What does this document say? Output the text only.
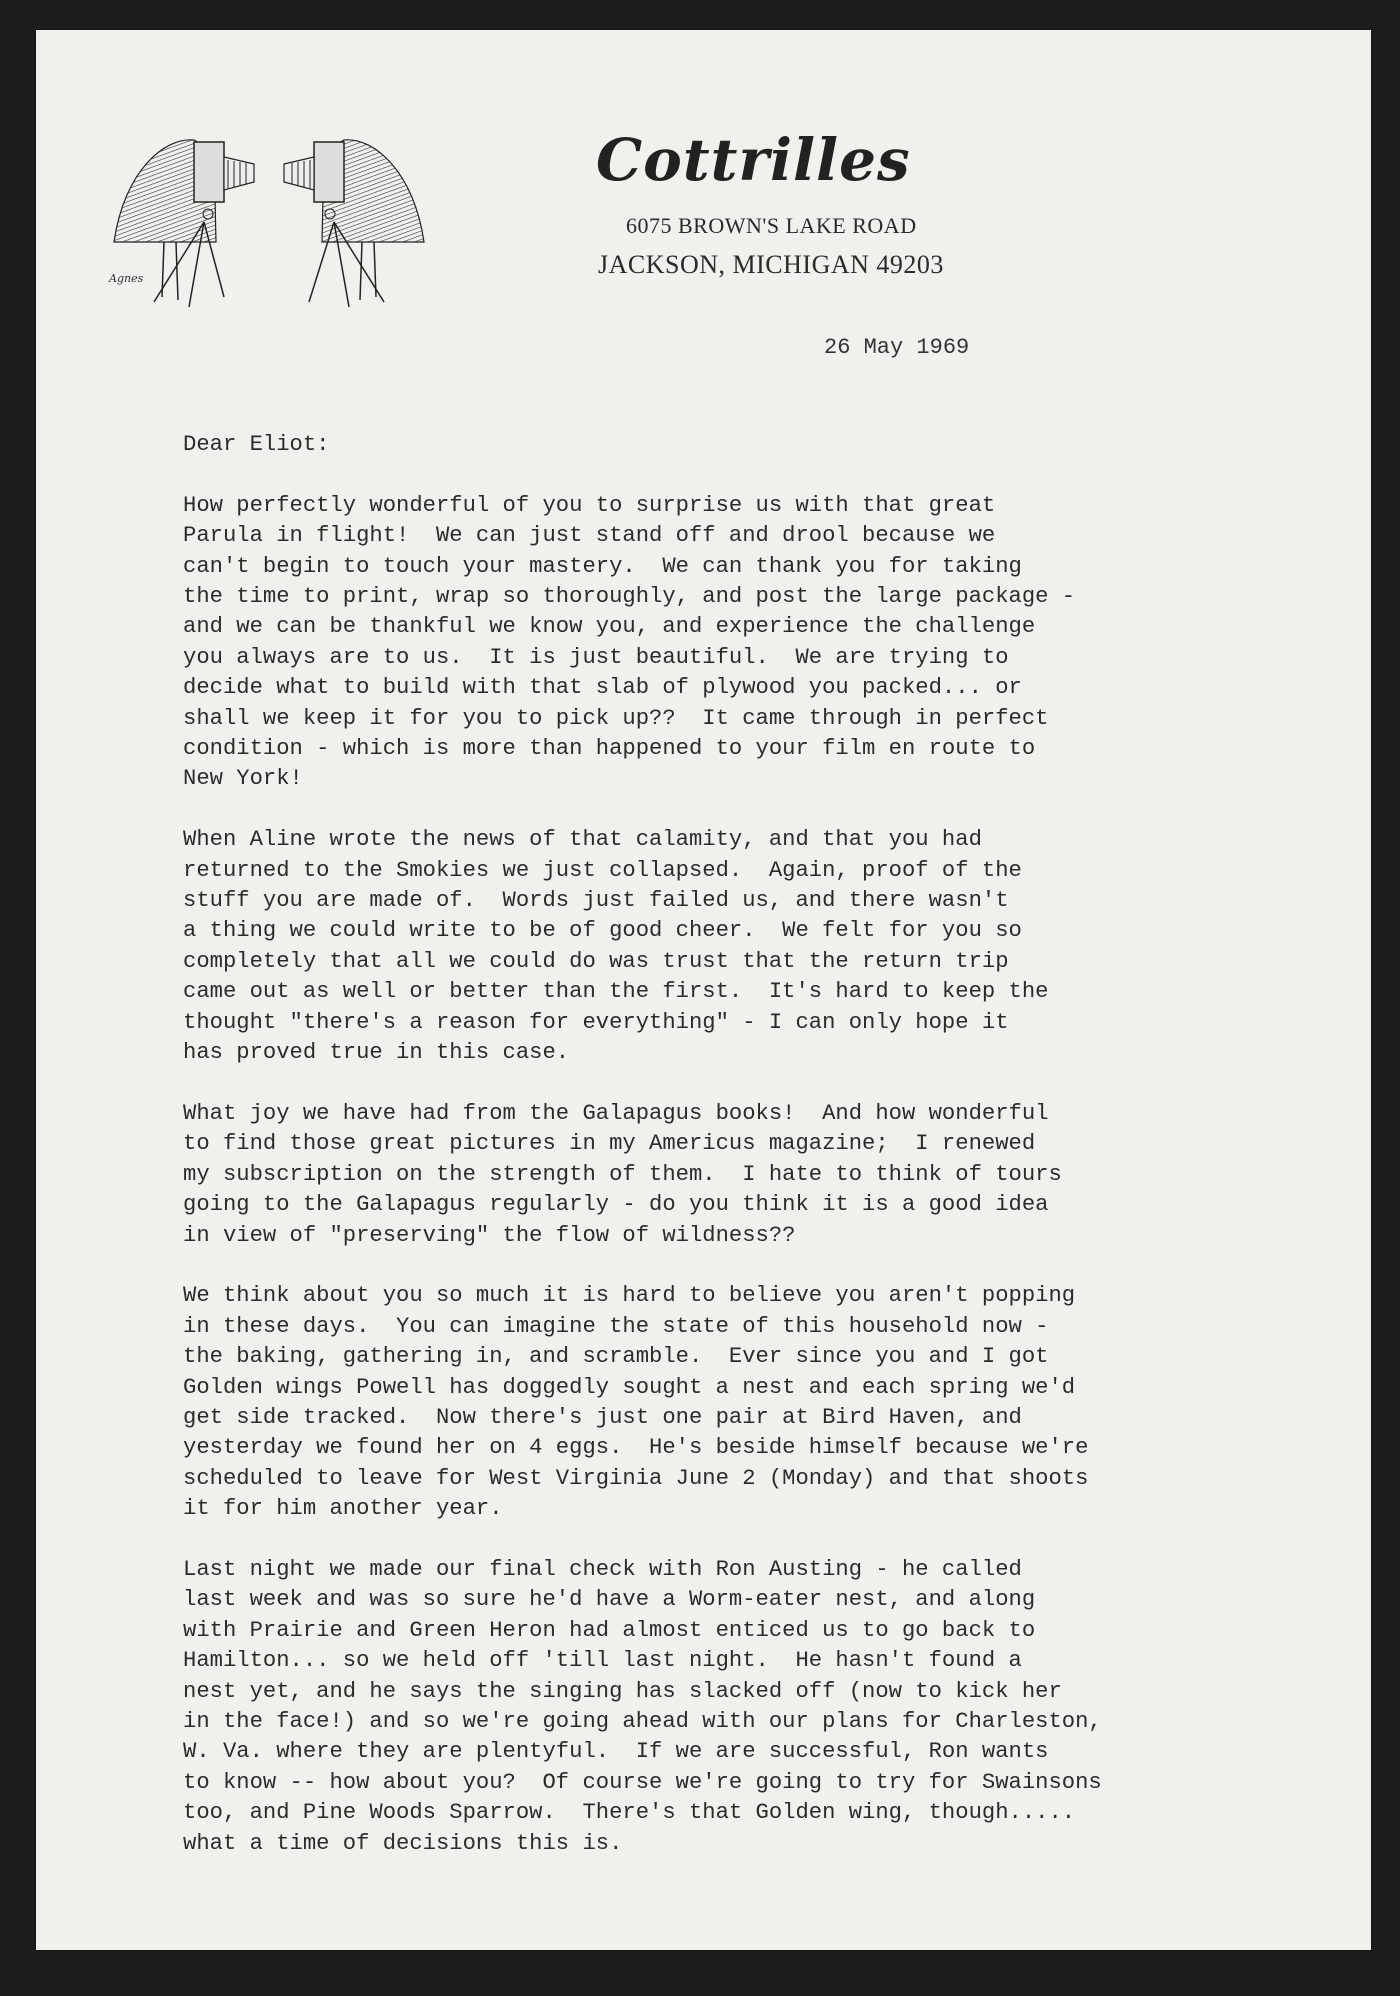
Agnes
Cottrilles
6075 BROWN'S LAKE ROAD
JACKSON, MICHIGAN 49203
26 May 1969
Dear Eliot:
How perfectly wonderful of you to surprise us with that great
Parula in flight!  We can just stand off and drool because we
can't begin to touch your mastery.  We can thank you for taking
the time to print, wrap so thoroughly, and post the large package -
and we can be thankful we know you, and experience the challenge
you always are to us.  It is just beautiful.  We are trying to
decide what to build with that slab of plywood you packed... or
shall we keep it for you to pick up??  It came through in perfect
condition - which is more than happened to your film en route to
New York!
When Aline wrote the news of that calamity, and that you had
returned to the Smokies we just collapsed.  Again, proof of the
stuff you are made of.  Words just failed us, and there wasn't
a thing we could write to be of good cheer.  We felt for you so
completely that all we could do was trust that the return trip
came out as well or better than the first.  It's hard to keep the
thought "there's a reason for everything" - I can only hope it
has proved true in this case.
What joy we have had from the Galapagus books!  And how wonderful
to find those great pictures in my Americus magazine;  I renewed
my subscription on the strength of them.  I hate to think of tours
going to the Galapagus regularly - do you think it is a good idea
in view of "preserving" the flow of wildness??
We think about you so much it is hard to believe you aren't popping
in these days.  You can imagine the state of this household now -
the baking, gathering in, and scramble.  Ever since you and I got
Golden wings Powell has doggedly sought a nest and each spring we'd
get side tracked.  Now there's just one pair at Bird Haven, and
yesterday we found her on 4 eggs.  He's beside himself because we're
scheduled to leave for West Virginia June 2 (Monday) and that shoots
it for him another year.
Last night we made our final check with Ron Austing - he called
last week and was so sure he'd have a Worm-eater nest, and along
with Prairie and Green Heron had almost enticed us to go back to
Hamilton... so we held off 'till last night.  He hasn't found a
nest yet, and he says the singing has slacked off (now to kick her
in the face!) and so we're going ahead with our plans for Charleston,
W. Va. where they are plentyful.  If we are successful, Ron wants
to know -- how about you?  Of course we're going to try for Swainsons
too, and Pine Woods Sparrow.  There's that Golden wing, though.....
what a time of decisions this is.
